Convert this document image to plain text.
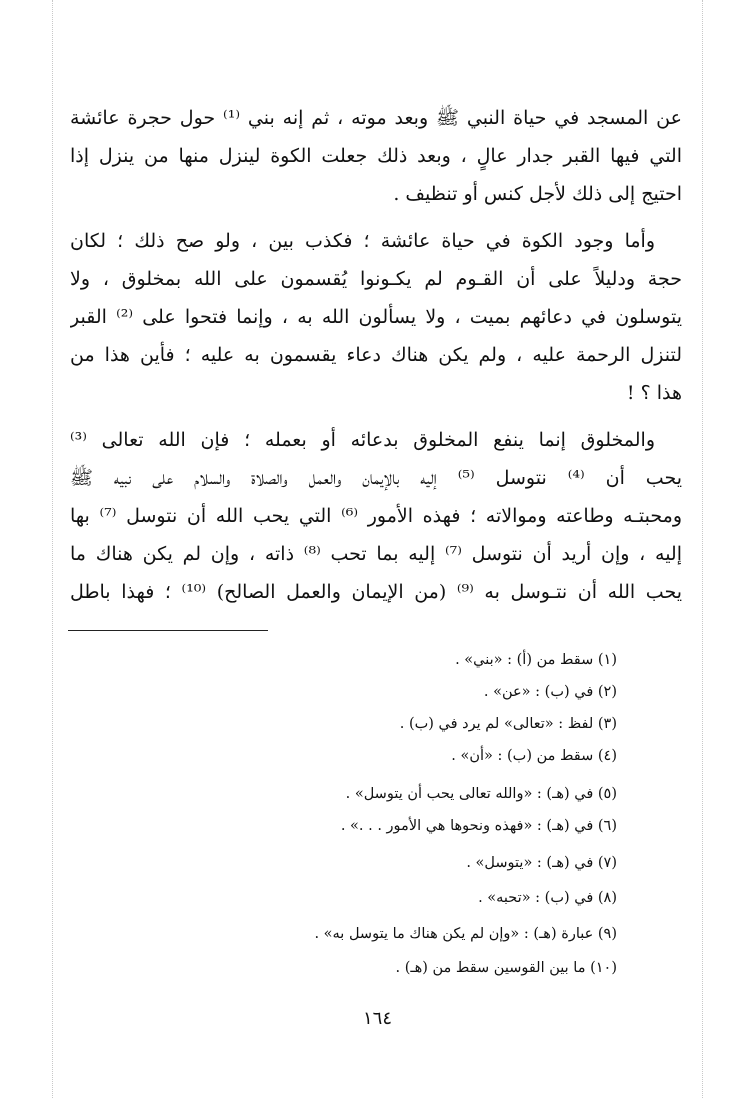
عن المسجد في حياة النبي ﷺ وبعد موته ، ثم إنه بني ⁽¹⁾ حول حجرة عائشة
التي فيها القبر جدار عالٍ ، وبعد ذلك جعلت الكوة لينزل منها من ينزل إذا
احتيج إلى ذلك لأجل كنس أو تنظيف .
وأما وجود الكوة في حياة عائشة ؛ فكذب بين ، ولو صح ذلك ؛ لكان
حجة ودليلاً على أن القـوم لم يكـونوا يُقسمون على الله بمخلوق ، ولا
يتوسلون في دعائهم بميت ، ولا يسألون الله به ، وإنما فتحوا على ⁽²⁾ القبر
لتنزل الرحمة عليه ، ولم يكن هناك دعاء يقسمون به عليه ؛ فأين هذا من
هذا ؟ !
والمخلوق إنما ينفع المخلوق بدعائه أو بعمله ؛ فإن الله تعالى ⁽³⁾
يحب أن ⁽⁴⁾ نتوسل ⁽⁵⁾ إليه بالإيمان والعمل والصلاة والسلام على نبيه ﷺ
ومحبتـه وطاعته وموالاته ؛ فهذه الأمور ⁽⁶⁾ التي يحب الله أن نتوسل ⁽⁷⁾ بها
إليه ، وإن أريد أن نتوسل ⁽⁷⁾ إليه بما تحب ⁽⁸⁾ ذاته ، وإن لم يكن هناك ما
يحب الله أن نتـوسل به ⁽⁹⁾ (من الإيمان والعمل الصالح) ⁽¹⁰⁾ ؛ فهذا باطل
(١) سقط من (أ) : «بني» .
(٢) في (ب) : «عن» .
(٣) لفظ : «تعالى» لم يرد في (ب) .
(٤) سقط من (ب) : «أن» .
(٥) في (هـ) : «والله تعالى يحب أن يتوسل» .
(٦) في (هـ) : «فهذه ونحوها هي الأمور . . .» .
(٧) في (هـ) : «يتوسل» .
(٨) في (ب) : «تحبه» .
(٩) عبارة (هـ) : «وإن لم يكن هناك ما يتوسل به» .
(١٠) ما بين القوسين سقط من (هـ) .
١٦٤
